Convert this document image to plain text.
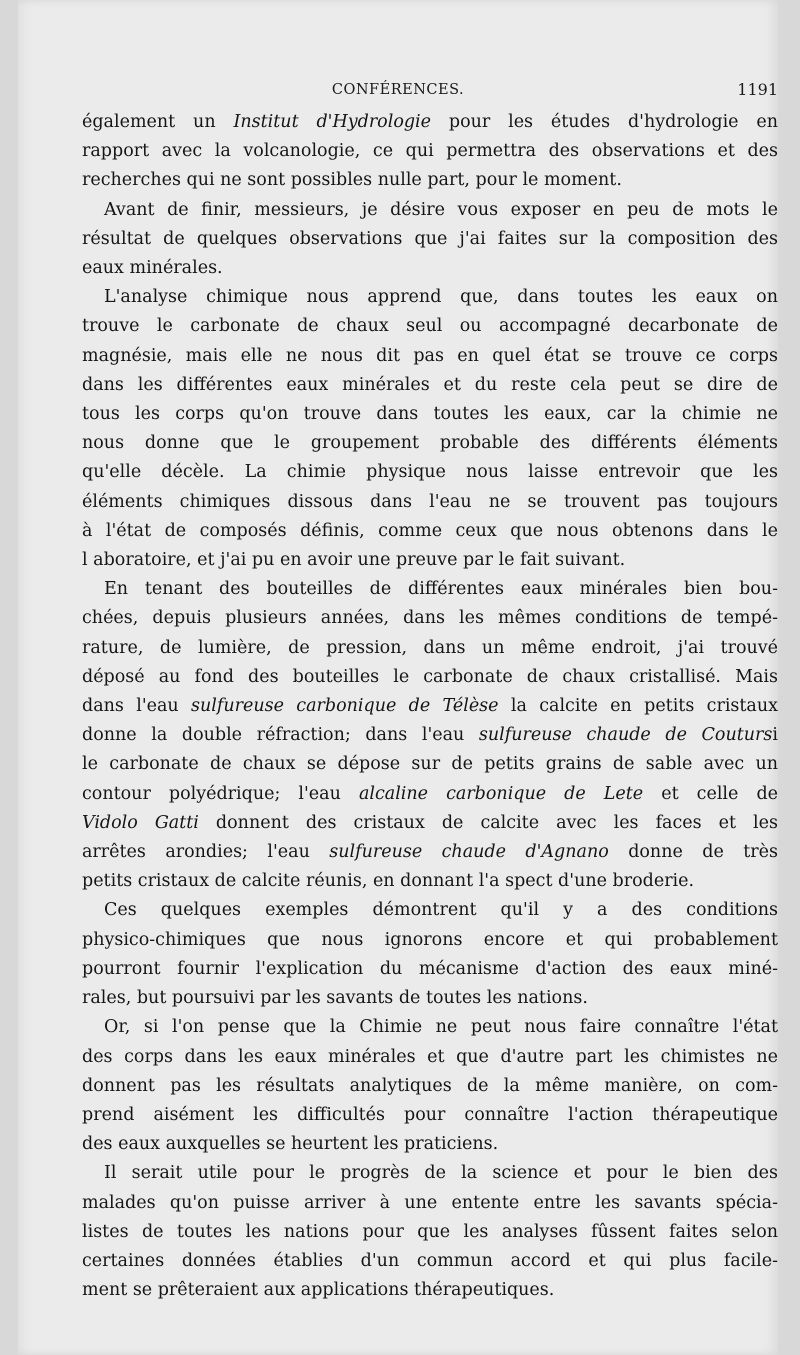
CONFÉRENCES.	1191
également un Institut d'Hydrologie pour les études d'hydrologie en
rapport avec la volcanologie, ce qui permettra des observations et des
recherches qui ne sont possibles nulle part, pour le moment.
Avant de finir, messieurs, je désire vous exposer en peu de mots le
résultat de quelques observations que j'ai faites sur la composition des
eaux minérales.
L'analyse chimique nous apprend que, dans toutes les eaux on
trouve le carbonate de chaux seul ou accompagné decarbonate de
magnésie, mais elle ne nous dit pas en quel état se trouve ce corps
dans les différentes eaux minérales et du reste cela peut se dire de
tous les corps qu'on trouve dans toutes les eaux, car la chimie ne
nous donne que le groupement probable des différents éléments
qu'elle décèle. La chimie physique nous laisse entrevoir que les
éléments chimiques dissous dans l'eau ne se trouvent pas toujours
à l'état de composés définis, comme ceux que nous obtenons dans le
l aboratoire, et j'ai pu en avoir une preuve par le fait suivant.
En tenant des bouteilles de différentes eaux minérales bien bou-
chées, depuis plusieurs années, dans les mêmes conditions de tempé-
rature, de lumière, de pression, dans un même endroit, j'ai trouvé
déposé au fond des bouteilles le carbonate de chaux cristallisé. Mais
dans l'eau sulfureuse carbonique de Télèse la calcite en petits cristaux
donne la double réfraction; dans l'eau sulfureuse chaude de Coutursi
le carbonate de chaux se dépose sur de petits grains de sable avec un
contour polyédrique; l'eau alcaline carbonique de Lete et celle de
Vidolo Gatti donnent des cristaux de calcite avec les faces et les
arrêtes arondies; l'eau sulfureuse chaude d'Agnano donne de très
petits cristaux de calcite réunis, en donnant l'a spect d'une broderie.
Ces quelques exemples démontrent qu'il y a des conditions
physico-chimiques que nous ignorons encore et qui probablement
pourront fournir l'explication du mécanisme d'action des eaux miné-
rales, but poursuivi par les savants de toutes les nations.
Or, si l'on pense que la Chimie ne peut nous faire connaître l'état
des corps dans les eaux minérales et que d'autre part les chimistes ne
donnent pas les résultats analytiques de la même manière, on com-
prend aisément les difficultés pour connaître l'action thérapeutique
des eaux auxquelles se heurtent les praticiens.
Il serait utile pour le progrès de la science et pour le bien des
malades qu'on puisse arriver à une entente entre les savants spécia-
listes de toutes les nations pour que les analyses fûssent faites selon
certaines données établies d'un commun accord et qui plus facile-
ment se prêteraient aux applications thérapeutiques.
